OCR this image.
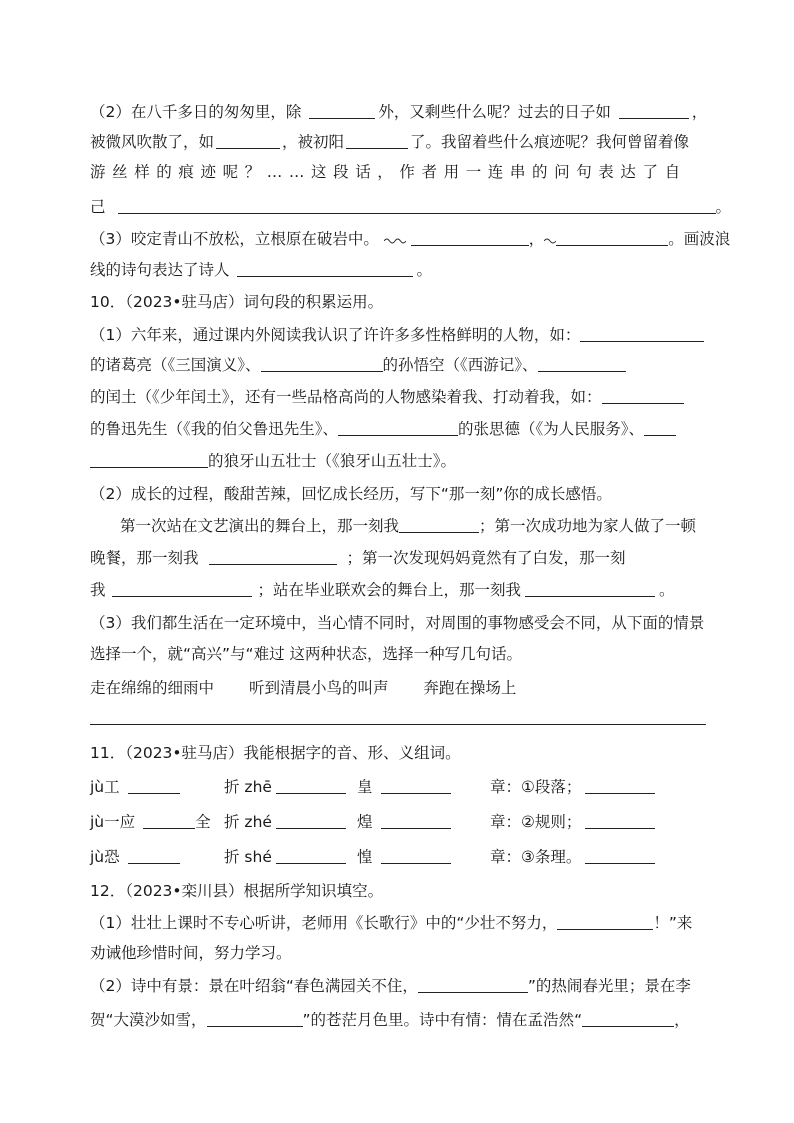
（2）在八千多日的匆匆里，除	外，又剩些什么呢？过去的日子如	，
被微风吹散了，如	，被初阳	了。我留着些什么痕迹呢？我何曾留着像
游丝样的痕迹呢？……这段话，作者用一连串的问句表达了自
己	。
（3）咬定青山不放松，立根原在破岩中。	，	。画波浪
线的诗句表达了诗人	。
10．（2023•驻马店）词句段的积累运用。
（1）六年来，通过课内外阅读我认识了许许多多性格鲜明的人物，如：
的诸葛亮（《三国演义》、	的孙悟空（《西游记》、
的闰土（《少年闰土》，还有一些品格高尚的人物感染着我、打动着我，如：
的鲁迅先生（《我的伯父鲁迅先生》、	的张思德（《为人民服务》、
的狼牙山五壮士（《狼牙山五壮士》。
（2）成长的过程，酸甜苦辣，回忆成长经历，写下“那一刻”你的成长感悟。
第一次站在文艺演出的舞台上，那一刻我	；第一次成功地为家人做了一顿
晚餐，那一刻我	；第一次发现妈妈竟然有了白发，那一刻
我	；站在毕业联欢会的舞台上，那一刻我	。
（3）我们都生活在一定环境中，当心情不同时，对周围的事物感受会不同，从下面的情景
选择一个，就“高兴”与“难过 这两种状态，选择一种写几句话。
走在绵绵的细雨中 听到清晨小鸟的叫声 奔跑在操场上
11．（2023•驻马店）我能根据字的音、形、义组词。
jù工	折 zhē	皇	章：①段落；
jù一应	全 折 zhé	煌	章：②规则；
jù恐	折 shé	惶	章：③条理。
12．（2023•栾川县）根据所学知识填空。
（1）壮壮上课时不专心听讲，老师用《长歌行》中的“少壮不努力，	！”来
劝诫他珍惜时间，努力学习。
（2）诗中有景：景在叶绍翁“春色满园关不住，	”的热闹春光里；景在李
贺“大漠沙如雪，	”的苍茫月色里。诗中有情：情在孟浩然“	，
